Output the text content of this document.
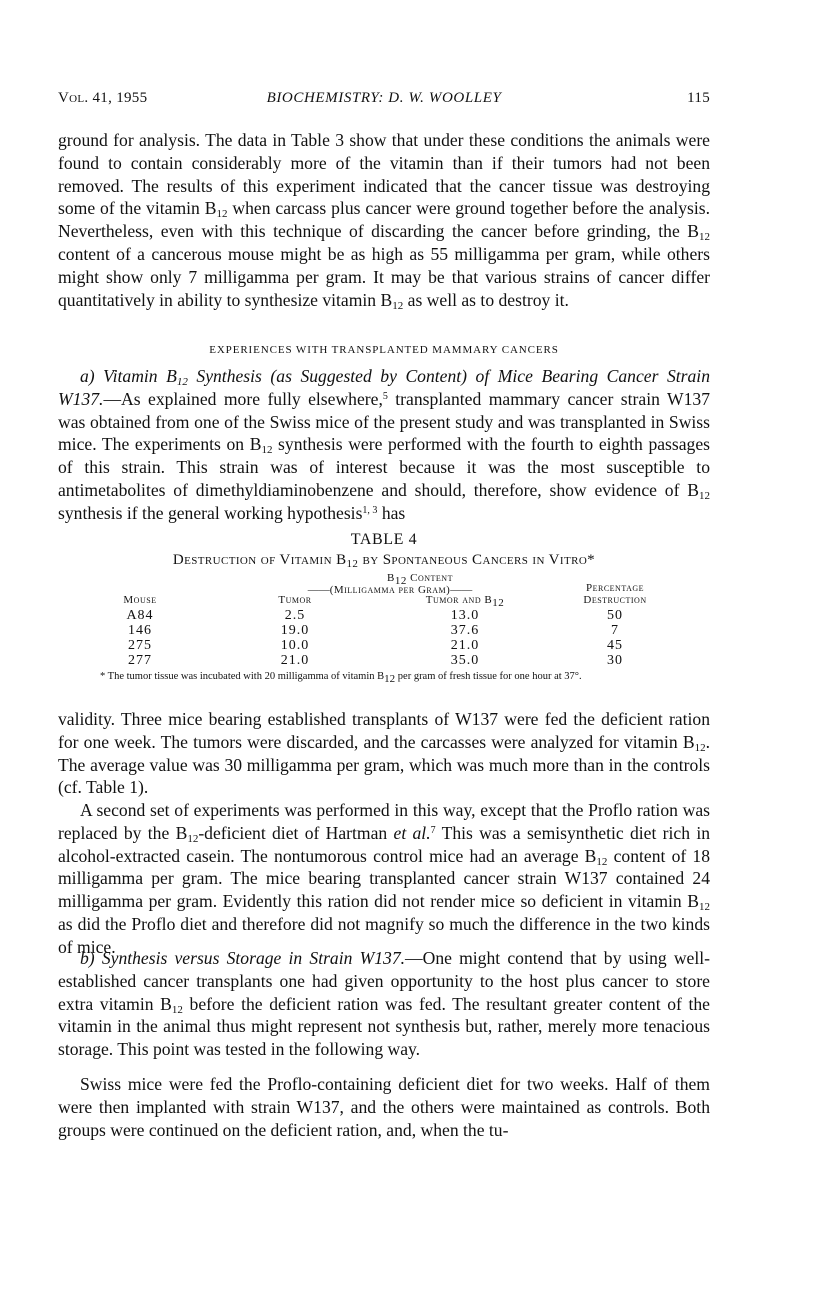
Vol. 41, 1955	BIOCHEMISTRY: D. W. WOOLLEY	115

ground for analysis. The data in Table 3 show that under these conditions the animals were found to contain considerably more of the vitamin than if their tumors had not been removed. The results of this experiment indicated that the cancer tissue was destroying some of the vitamin $B_{12}$ when carcass plus cancer were ground together before the analysis. Nevertheless, even with this technique of discarding the cancer before grinding, the $B_{12}$ content of a cancerous mouse might be as high as 55 milligamma per gram, while others might show only 7 milligamma per gram. It may be that various strains of cancer differ quantitatively in ability to synthesize vitamin $B_{12}$ as well as to destroy it.

EXPERIENCES WITH TRANSPLANTED MAMMARY CANCERS

a) Vitamin $B_{12}$ Synthesis (as Suggested by Content) of Mice Bearing Cancer Strain W137.—As explained more fully elsewhere,$^5$ transplanted mammary cancer strain W137 was obtained from one of the Swiss mice of the present study and was transplanted in Swiss mice. The experiments on $B_{12}$ synthesis were performed with the fourth to eighth passages of this strain. This strain was of interest because it was the most susceptible to antimetabolites of dimethyldiaminobenzene and should, therefore, show evidence of $B_{12}$ synthesis if the general working hypothesis$^{1, 3}$ has

TABLE 4
Destruction of Vitamin $B_{12}$ by Spontaneous Cancers in Vitro*
$B_{12}$ Content
——(Milligamma per Gram)——
Mouse	Tumor	Tumor and $B_{12}$
Percentage Destruction
A84	2.5	13.0	50
146	19.0	37.6	7
275	10.0	21.0	45
277	21.0	35.0	30
* The tumor tissue was incubated with 20 milligamma of vitamin $B_{12}$ per gram of fresh tissue for one hour at 37°.

validity. Three mice bearing established transplants of W137 were fed the deficient ration for one week. The tumors were discarded, and the carcasses were analyzed for vitamin $B_{12}$. The average value was 30 milligamma per gram, which was much more than in the controls (cf. Table 1).

A second set of experiments was performed in this way, except that the Proflo ration was replaced by the $B_{12}$-deficient diet of Hartman et al.$^7$ This was a semisynthetic diet rich in alcohol-extracted casein. The nontumorous control mice had an average $B_{12}$ content of 18 milligamma per gram. The mice bearing transplanted cancer strain W137 contained 24 milligamma per gram. Evidently this ration did not render mice so deficient in vitamin $B_{12}$ as did the Proflo diet and therefore did not magnify so much the difference in the two kinds of mice.

b) Synthesis versus Storage in Strain W137.—One might contend that by using well-established cancer transplants one had given opportunity to the host plus cancer to store extra vitamin $B_{12}$ before the deficient ration was fed. The resultant greater content of the vitamin in the animal thus might represent not synthesis but, rather, merely more tenacious storage. This point was tested in the following way.

Swiss mice were fed the Proflo-containing deficient diet for two weeks. Half of them were then implanted with strain W137, and the others were maintained as controls. Both groups were continued on the deficient ration, and, when the tu-
